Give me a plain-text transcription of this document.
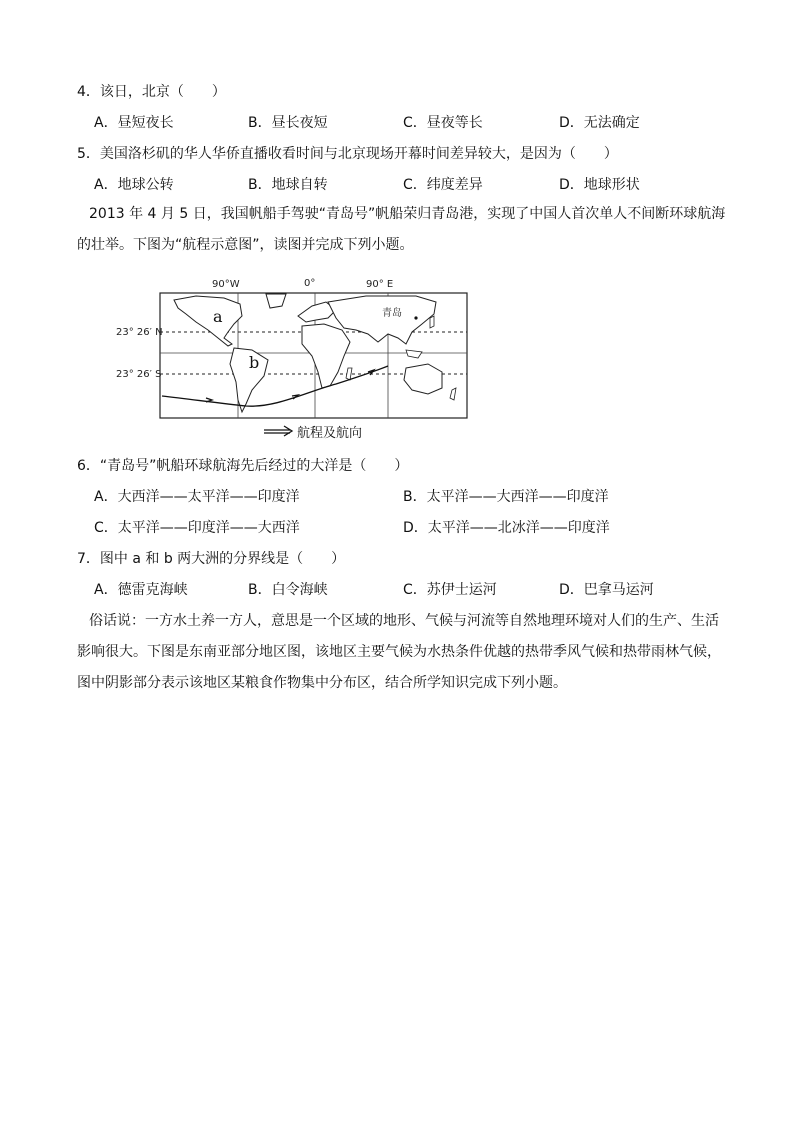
4．该日，北京（　　）
A．昼短夜长	B．昼长夜短	C．昼夜等长	D．无法确定
5．美国洛杉矶的华人华侨直播收看时间与北京现场开幕时间差异较大，是因为（　　）
A．地球公转	B．地球自转	C．纬度差异	D．地球形状
2013 年 4 月 5 日，我国帆船手驾驶“青岛号”帆船荣归青岛港，实现了中国人首次单人不间断环球航海的壮举。下图为“航程示意图”，读图并完成下列小题。
90°W	0°	90° E
23° 26′ N
23° 26′ S
a
b
青岛
航程及航向
6．“青岛号”帆船环球航海先后经过的大洋是（　　）
A．大西洋——太平洋——印度洋	B．太平洋——大西洋——印度洋
C．太平洋——印度洋——大西洋	D．太平洋——北冰洋——印度洋
7．图中 a 和 b 两大洲的分界线是（　　）
A．德雷克海峡	B．白令海峡	C．苏伊士运河	D．巴拿马运河
俗话说：一方水土养一方人，意思是一个区域的地形、气候与河流等自然地理环境对人们的生产、生活影响很大。下图是东南亚部分地区图，该地区主要气候为水热条件优越的热带季风气候和热带雨林气候，图中阴影部分表示该地区某粮食作物集中分布区，结合所学知识完成下列小题。
